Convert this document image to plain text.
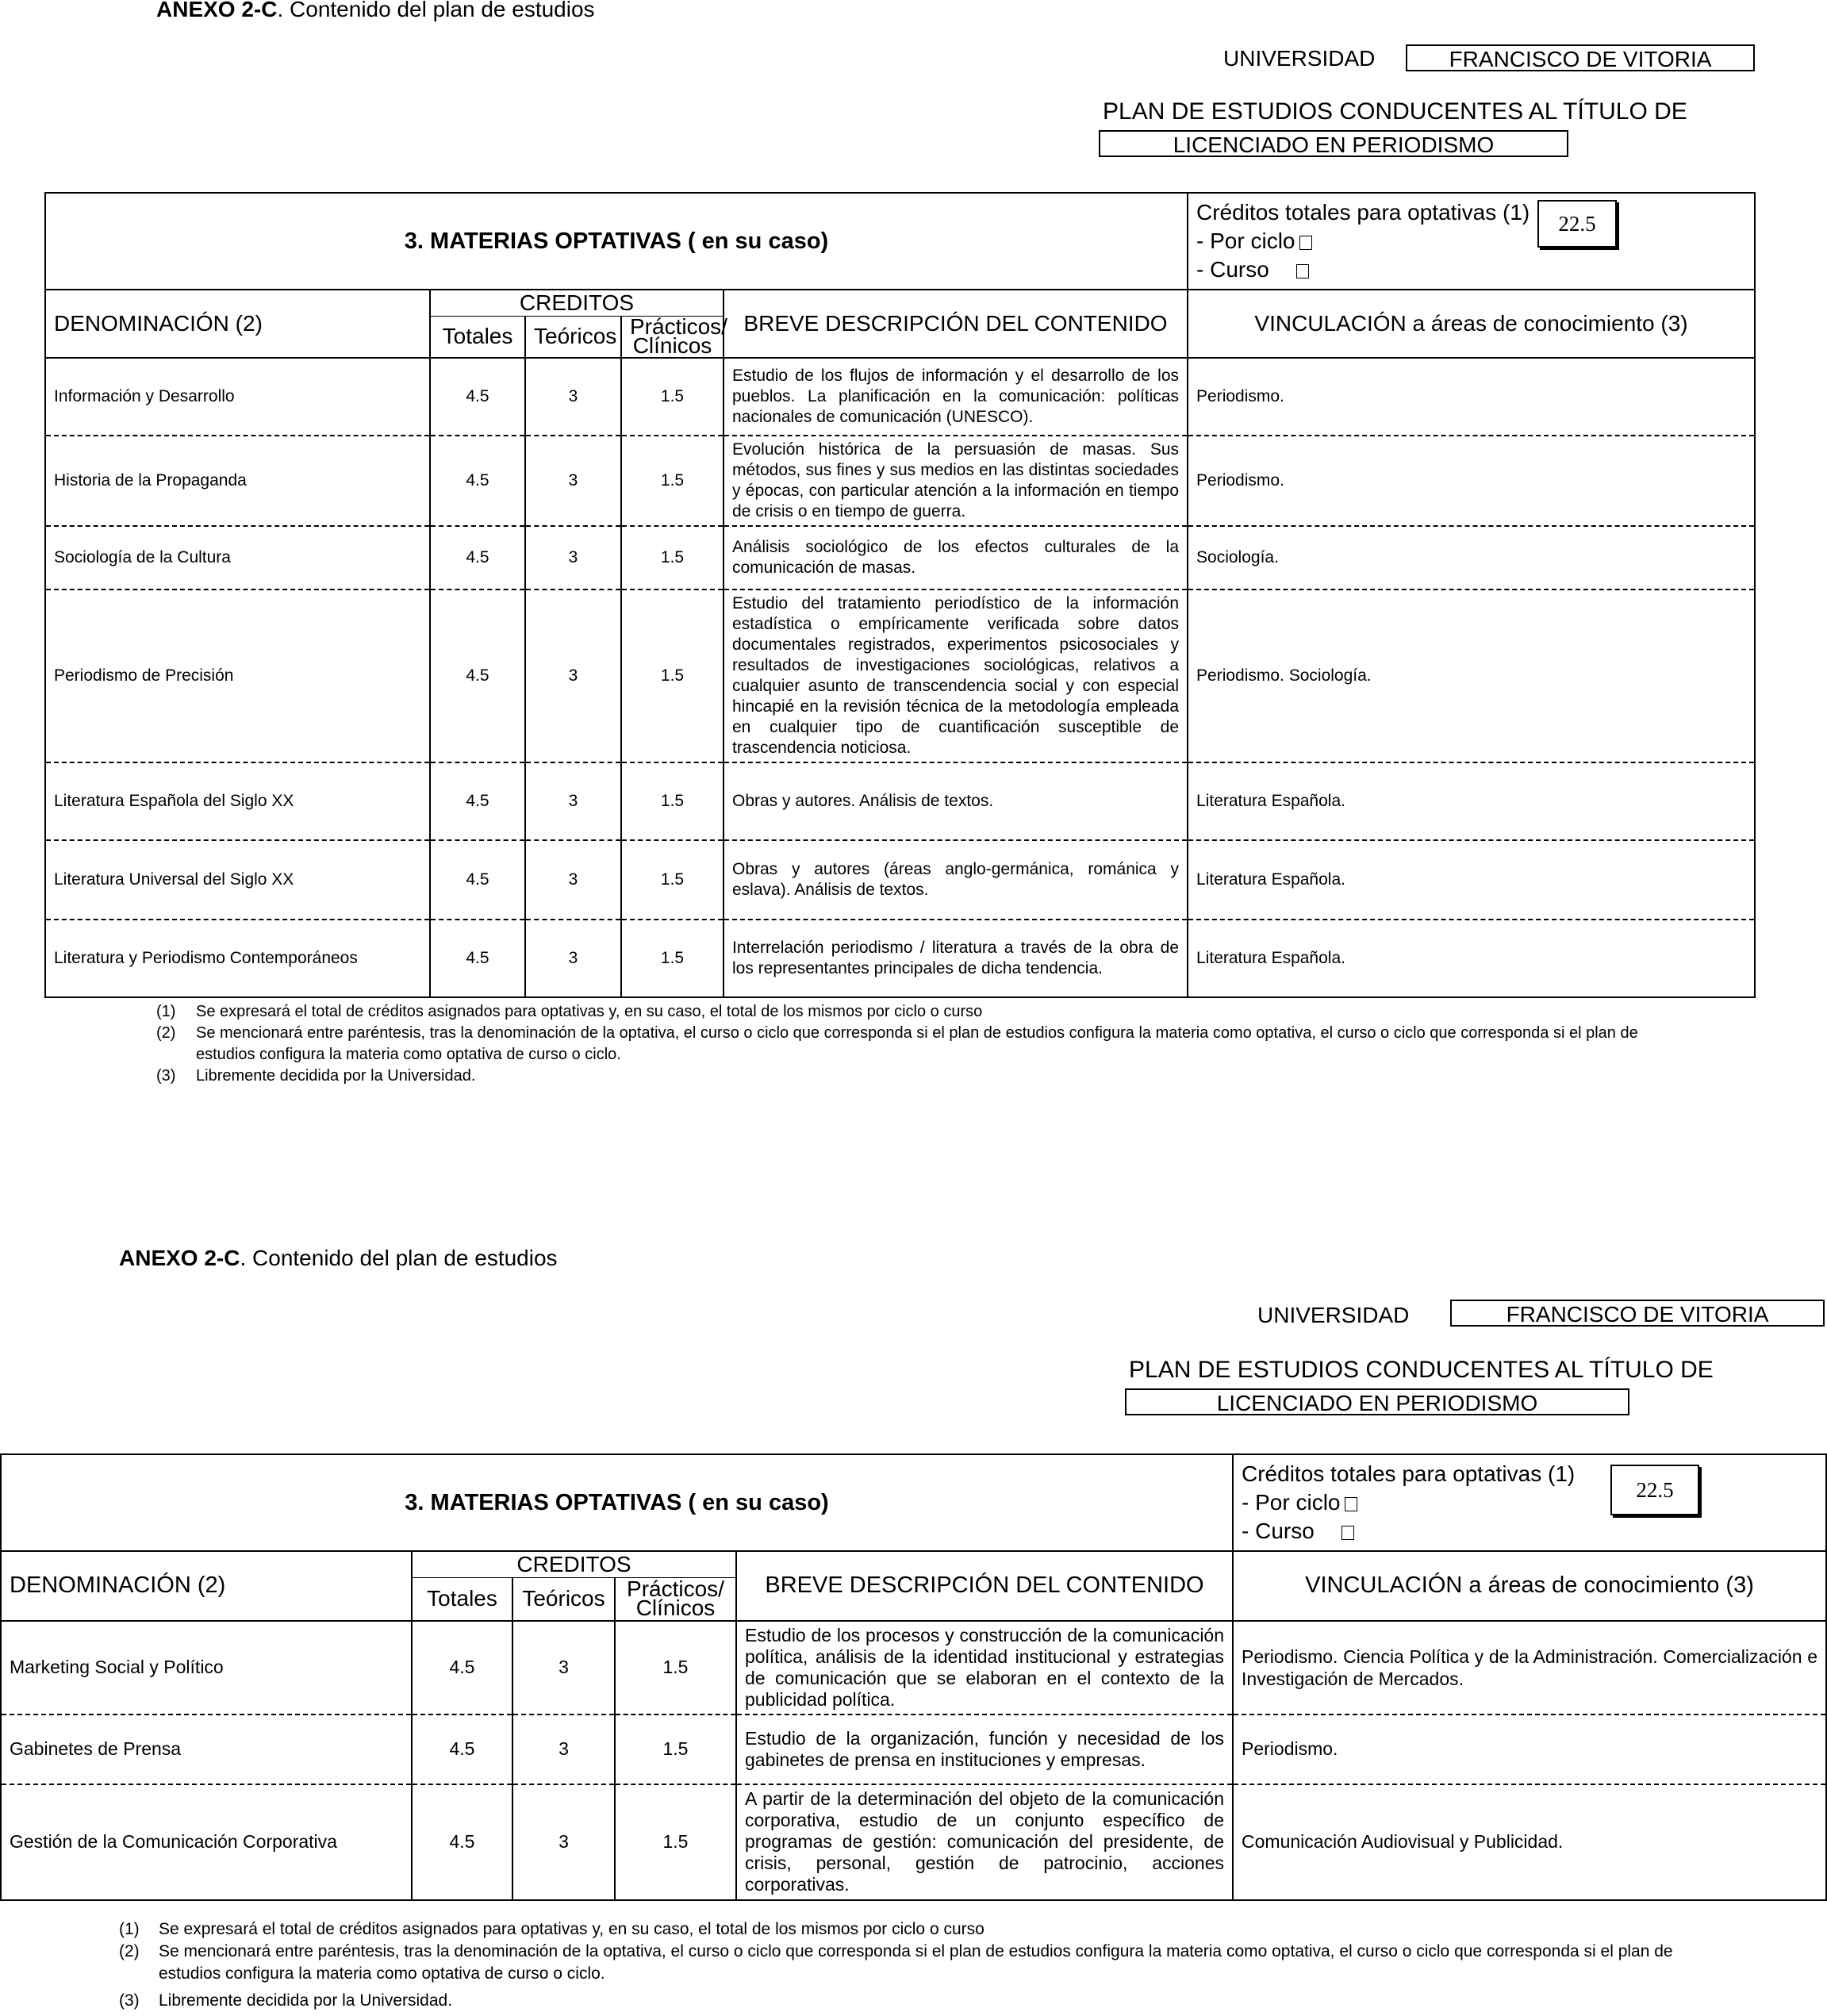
ANEXO 2-C. Contenido del plan de estudios
UNIVERSIDAD	FRANCISCO DE VITORIA
PLAN DE ESTUDIOS CONDUCENTES AL TÍTULO DE
LICENCIADO EN PERIODISMO
3. MATERIAS OPTATIVAS ( en su caso)					Créditos totales para optativas (1)
- Por ciclo
- Curso
22.5

DENOMINACIÓN (2)	CREDITOS			BREVE DESCRIPCIÓN DEL CONTENIDO	VINCULACIÓN a áreas de conocimiento (3)
	Totales	Teóricos	Prácticos/
Clínicos		
Información y Desarrollo	4.5	3	1.5	Estudio de los flujos de información y el desarrollo de los pueblos. La planificación en la comunicación: políticas nacionales de comunicación (UNESCO).	Periodismo.
Historia de la Propaganda	4.5	3	1.5	Evolución histórica de la persuasión de masas. Sus métodos, sus fines y sus medios en las distintas sociedades y épocas, con particular atención a la información en tiempo de crisis o en tiempo de guerra.	Periodismo.
Sociología de la Cultura	4.5	3	1.5	Análisis sociológico de los efectos culturales de la comunicación de masas.	Sociología.
Periodismo de Precisión	4.5	3	1.5	Estudio del tratamiento periodístico de la información estadística o empíricamente verificada sobre datos documentales registrados, experimentos psicosociales y resultados de investigaciones sociológicas, relativos a cualquier asunto de transcendencia social y con especial hincapié en la revisión técnica de la metodología empleada en cualquier tipo de cuantificación susceptible de trascendencia noticiosa.	Periodismo. Sociología.
Literatura Española del Siglo XX	4.5	3	1.5	Obras y autores. Análisis de textos.	Literatura Española.
Literatura Universal del Siglo XX	4.5	3	1.5	Obras y autores (áreas anglo-germánica, románica y eslava). Análisis de textos.	Literatura Española.
Literatura y Periodismo Contemporáneos	4.5	3	1.5	Interrelación periodismo / literatura a través de la obra de los representantes principales de dicha tendencia.	Literatura Española.
(1)	Se expresará el total de créditos asignados para optativas y, en su caso, el total de los mismos por ciclo o curso
(2)	Se mencionará entre paréntesis, tras la denominación de la optativa, el curso o ciclo que corresponda si el plan de estudios configura la materia como optativa, el curso o ciclo que corresponda si el plan de estudios configura la materia como optativa de curso o ciclo.
(3)	Libremente decidida por la Universidad.
ANEXO 2-C. Contenido del plan de estudios
UNIVERSIDAD	FRANCISCO DE VITORIA
PLAN DE ESTUDIOS CONDUCENTES AL TÍTULO DE
LICENCIADO EN PERIODISMO
3. MATERIAS OPTATIVAS ( en su caso)					Créditos totales para optativas (1)
- Por ciclo
- Curso
22.5

DENOMINACIÓN (2)	CREDITOS			BREVE DESCRIPCIÓN DEL CONTENIDO	VINCULACIÓN a áreas de conocimiento (3)
	Totales	Teóricos	Prácticos/
Clínicos		
Marketing Social y Político	4.5	3	1.5	Estudio de los procesos y construcción de la comunicación política, análisis de la identidad institucional y estrategias de comunicación que se elaboran en el contexto de la publicidad política.	Periodismo. Ciencia Política y de la Administración. Comercialización e Investigación de Mercados.
Gabinetes de Prensa	4.5	3	1.5	Estudio de la organización, función y necesidad de los gabinetes de prensa en instituciones y empresas.	Periodismo.
Gestión de la Comunicación Corporativa	4.5	3	1.5	A partir de la determinación del objeto de la comunicación corporativa, estudio de un conjunto específico de programas de gestión: comunicación del presidente, de crisis, personal, gestión de patrocinio, acciones corporativas.	Comunicación Audiovisual y Publicidad.
(1)	Se expresará el total de créditos asignados para optativas y, en su caso, el total de los mismos por ciclo o curso
(2)	Se mencionará entre paréntesis, tras la denominación de la optativa, el curso o ciclo que corresponda si el plan de estudios configura la materia como optativa, el curso o ciclo que corresponda si el plan de estudios configura la materia como optativa de curso o ciclo.
(3)	Libremente decidida por la Universidad.
